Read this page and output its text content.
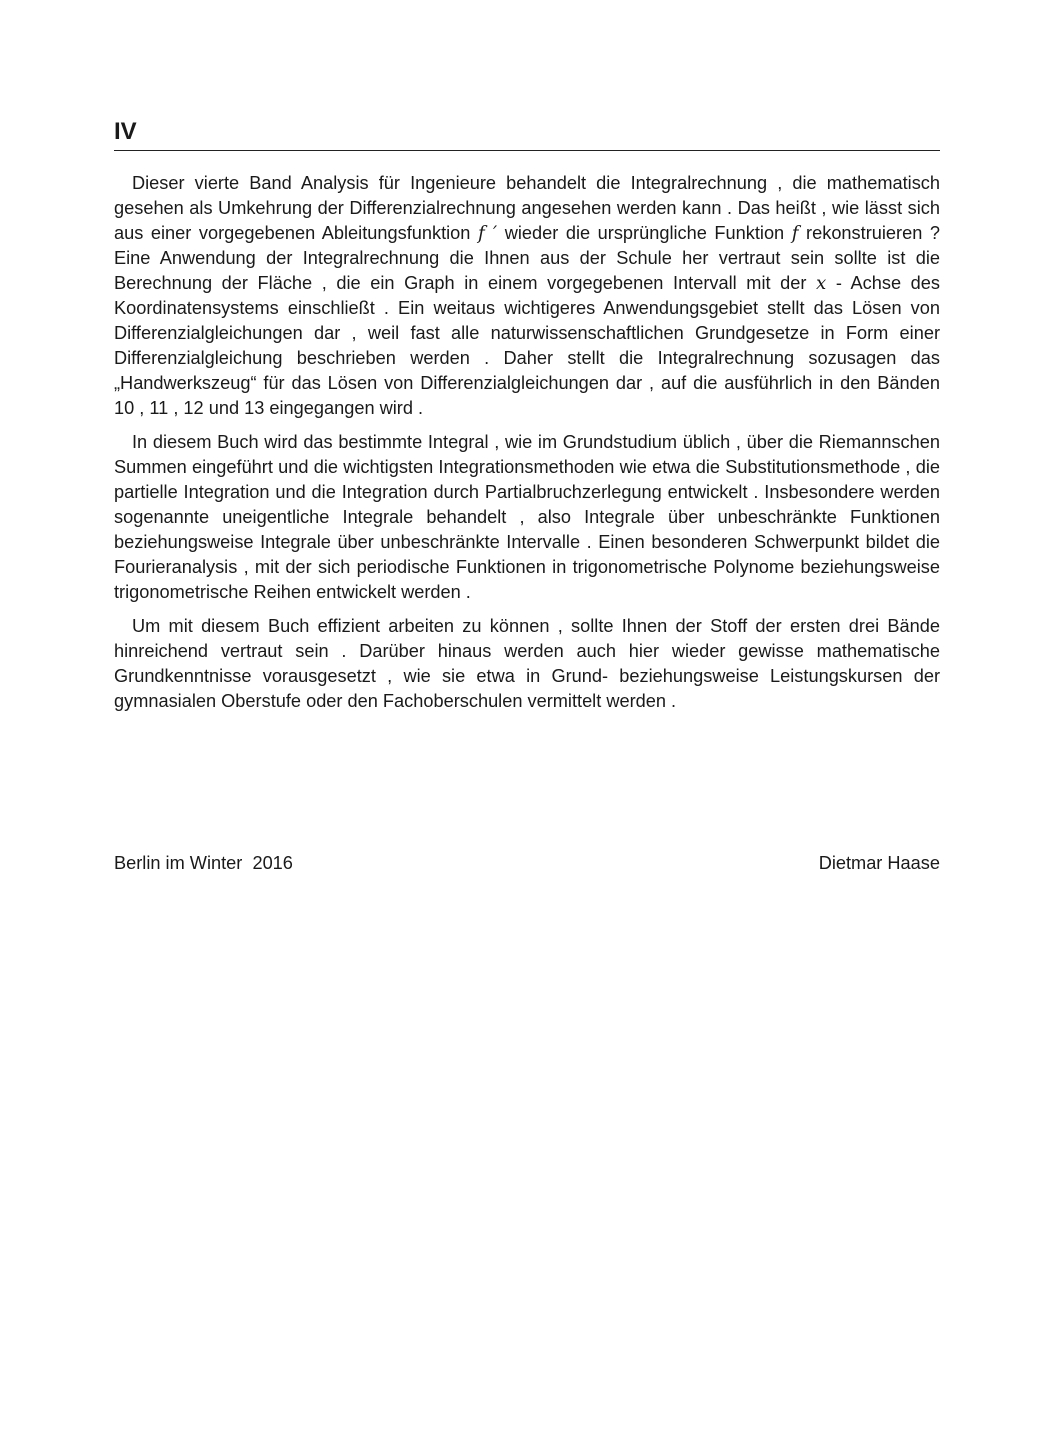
IV

Dieser vierte Band Analysis für Ingenieure behandelt die Integralrechnung , die mathematisch gesehen als Umkehrung der Differenzialrechnung angesehen werden kann . Das heißt , wie lässt sich aus einer vorgegebenen Ableitungsfunktion f ′ wieder die ursprüngliche Funktion f rekonstruieren ? Eine Anwendung der Integralrechnung die Ihnen aus der Schule her vertraut sein sollte ist die Berechnung der Fläche , die ein Graph in einem vorgegebenen Intervall mit der x - Achse des Koordinatensystems einschließt . Ein weitaus wichtigeres Anwendungsgebiet stellt das Lösen von Differenzialgleichungen dar , weil fast alle naturwissenschaftlichen Grundgesetze in Form einer Differenzialgleichung beschrieben werden . Daher stellt die Integralrechnung sozusagen das „Handwerkszeug“ für das Lösen von Differenzialgleichungen dar , auf die ausführlich in den Bänden 10 , 11 , 12 und 13 eingegangen wird .

In diesem Buch wird das bestimmte Integral , wie im Grundstudium üblich , über die Riemannschen Summen eingeführt und die wichtigsten Integrationsmethoden wie etwa die Substitutionsmethode , die partielle Integration und die Integration durch Partialbruchzerlegung entwickelt . Insbesondere werden sogenannte uneigentliche Integrale behandelt , also Integrale über unbeschränkte Funktionen beziehungsweise Integrale über unbeschränkte Intervalle . Einen besonderen Schwerpunkt bildet die Fourieranalysis , mit der sich periodische Funktionen in trigonometrische Polynome beziehungsweise trigonometrische Reihen entwickelt werden .

Um mit diesem Buch effizient arbeiten zu können , sollte Ihnen der Stoff der ersten drei Bände hinreichend vertraut sein . Darüber hinaus werden auch hier wieder gewisse mathematische Grundkenntnisse vorausgesetzt , wie sie etwa in Grund- beziehungsweise Leistungskursen der gymnasialen Oberstufe oder den Fachoberschulen vermittelt werden .

Berlin im Winter  2016	Dietmar Haase
